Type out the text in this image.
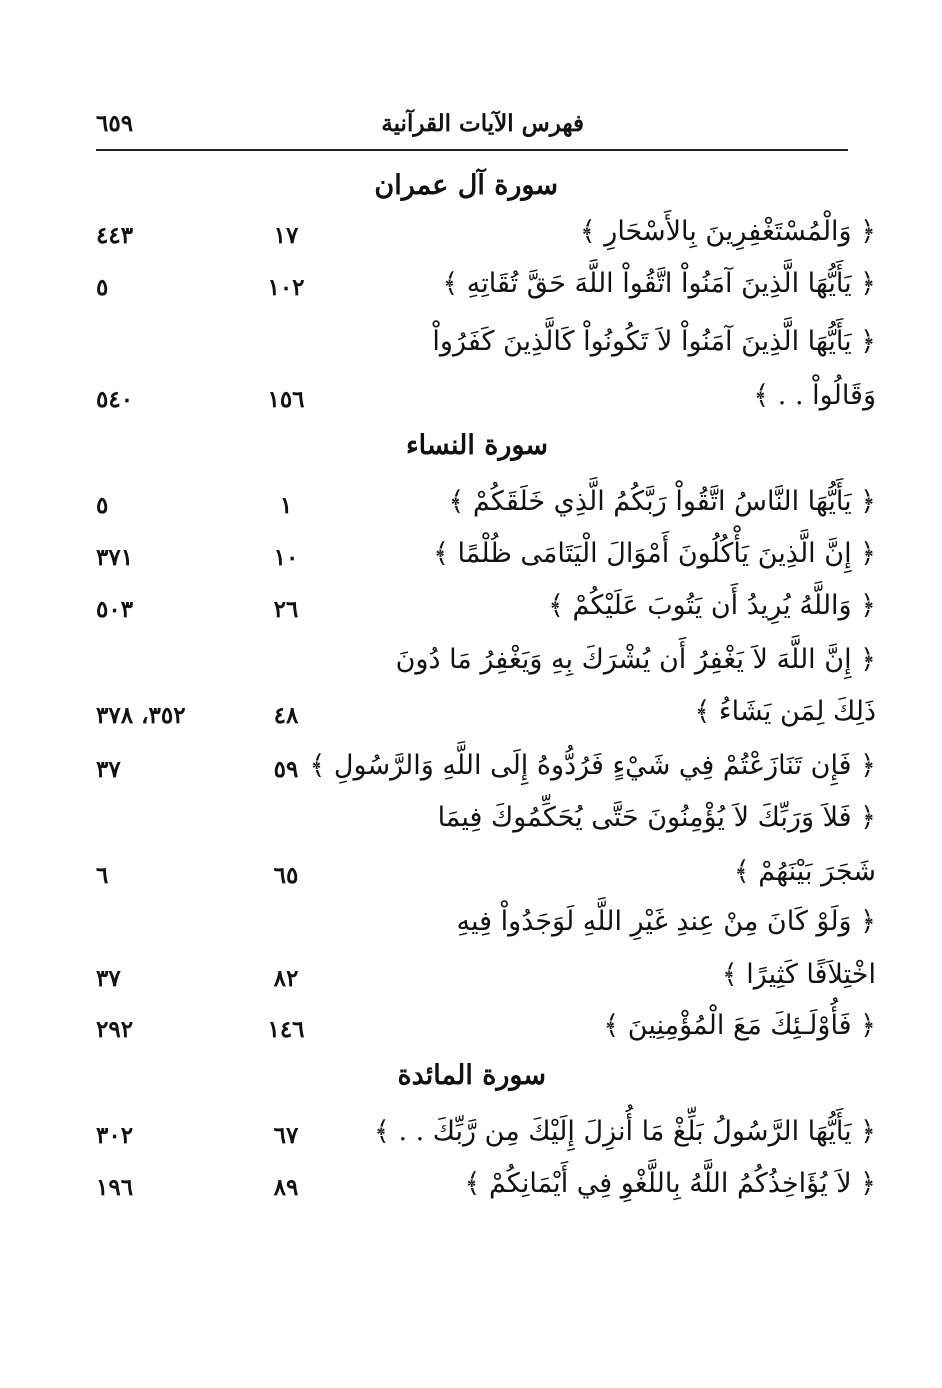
فهرس الآيات القرآنية
٦٥٩
سورة آل عمران
﴿ وَالْمُسْتَغْفِرِينَ بِالأَسْحَارِ ﴾
١٧
٤٤٣
﴿ يَأَيُّهَا الَّذِينَ آمَنُواْ اتَّقُواْ اللَّهَ حَقَّ تُقَاتِهِ ﴾
١٠٢
٥
﴿ يَأَيُّهَا الَّذِينَ آمَنُواْ لاَ تَكُونُواْ كَالَّذِينَ كَفَرُواْ
وَقَالُواْ . . ﴾
١٥٦
٥٤٠
سورة النساء
﴿ يَأَيُّهَا النَّاسُ اتَّقُواْ رَبَّكُمُ الَّذِي خَلَقَكُمْ ﴾
١
٥
﴿ إِنَّ الَّذِينَ يَأْكُلُونَ أَمْوَالَ الْيَتَامَى ظُلْمًا ﴾
١٠
٣٧١
﴿ وَاللَّهُ يُرِيدُ أَن يَتُوبَ عَلَيْكُمْ ﴾
٢٦
٥٠٣
﴿ إِنَّ اللَّهَ لاَ يَغْفِرُ أَن يُشْرَكَ بِهِ وَيَغْفِرُ مَا دُونَ
ذَلِكَ لِمَن يَشَاءُ ﴾
٤٨
٣٥٢، ٣٧٨
﴿ فَإِن تَنَازَعْتُمْ فِي شَيْءٍ فَرُدُّوهُ إِلَى اللَّهِ وَالرَّسُولِ ﴾
٥٩
٣٧
﴿ فَلاَ وَرَبِّكَ لاَ يُؤْمِنُونَ حَتَّى يُحَكِّمُوكَ فِيمَا
شَجَرَ بَيْنَهُمْ ﴾
٦٥
٦
﴿ وَلَوْ كَانَ مِنْ عِندِ غَيْرِ اللَّهِ لَوَجَدُواْ فِيهِ
اخْتِلاَفًا كَثِيرًا ﴾
٨٢
٣٧
﴿ فَأُوْلَـئِكَ مَعَ الْمُؤْمِنِينَ ﴾
١٤٦
٢٩٢
سورة المائدة
﴿ يَأَيُّهَا الرَّسُولُ بَلِّغْ مَا أُنزِلَ إِلَيْكَ مِن رَّبِّكَ . . ﴾
٦٧
٣٠٢
﴿ لاَ يُؤَاخِذُكُمُ اللَّهُ بِاللَّغْوِ فِي أَيْمَانِكُمْ ﴾
٨٩
١٩٦
